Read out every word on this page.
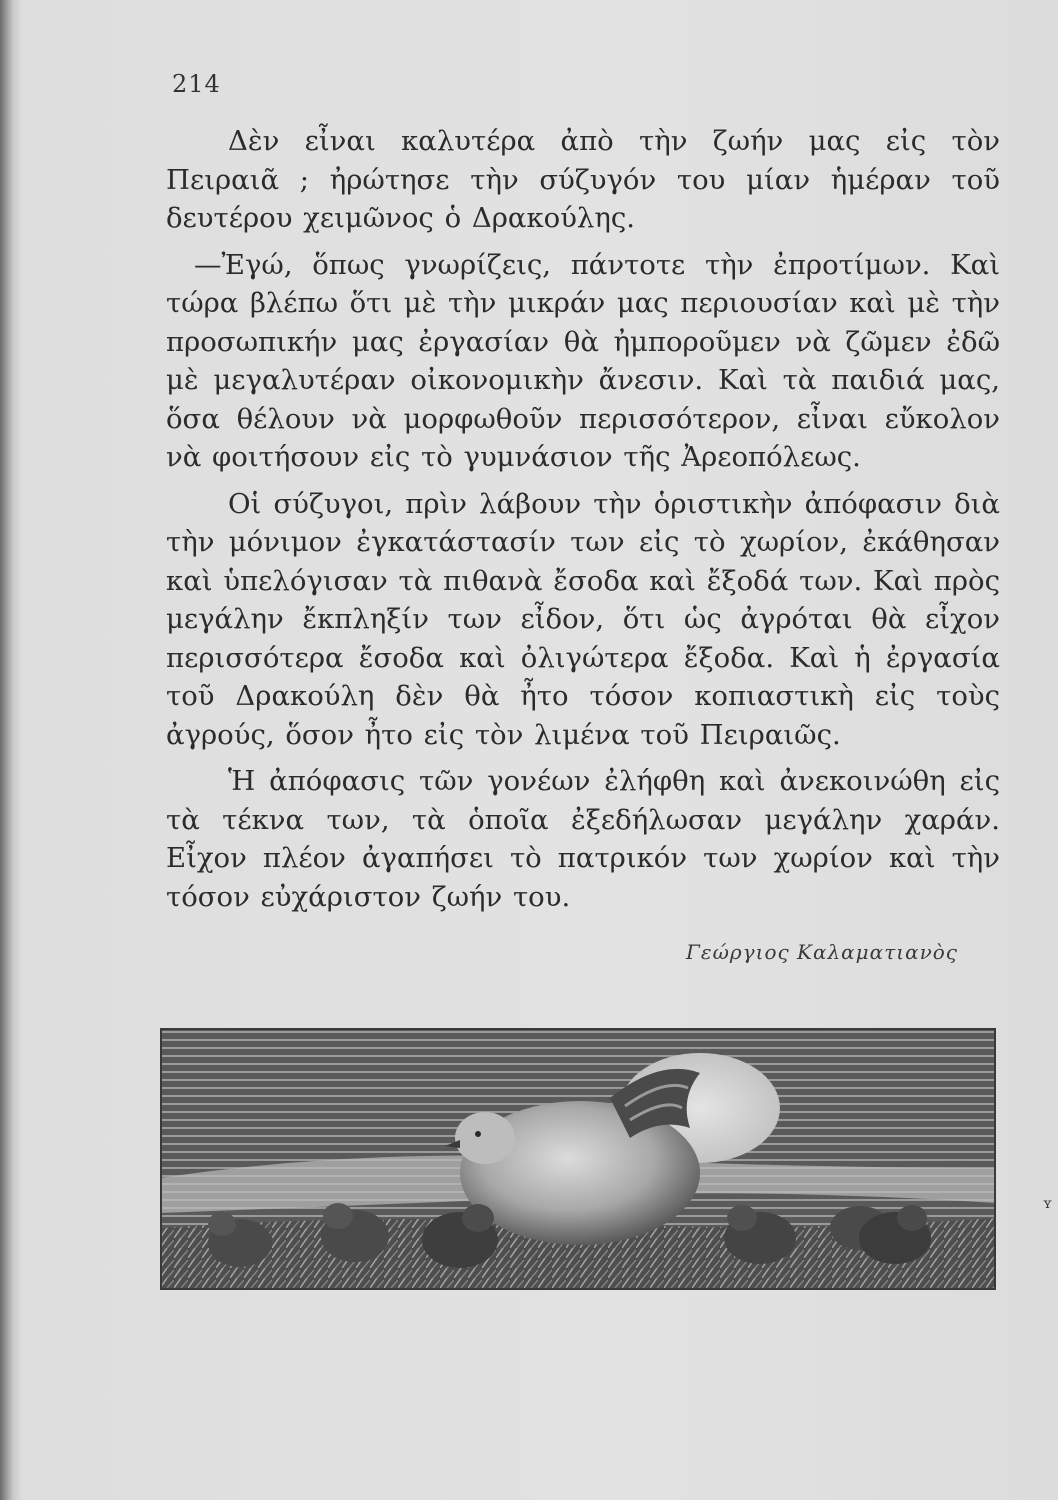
214

Δὲν εἶναι καλυτέρα ἀπὸ τὴν ζωήν μας εἰς τὸν Πειραιᾶ ; ἠρώτησε τὴν σύζυγόν του μίαν ἡμέραν τοῦ δευτέρου χειμῶνος ὁ Δρακούλης.

—Ἐγώ, ὅπως γνωρίζεις, πάντοτε τὴν ἐπροτίμων. Καὶ τώρα βλέπω ὅτι μὲ τὴν μικράν μας περιουσίαν καὶ μὲ τὴν προσωπικήν μας ἐργασίαν θὰ ἠμποροῦμεν νὰ ζῶμεν ἐδῶ μὲ μεγαλυτέραν οἰκονομικὴν ἄνεσιν. Καὶ τὰ παιδιά μας, ὅσα θέλουν νὰ μορφωθοῦν περισσότερον, εἶναι εὔκολον νὰ φοιτήσουν εἰς τὸ γυμνάσιον τῆς Ἀρεοπόλεως.

Οἱ σύζυγοι, πρὶν λάβουν τὴν ὁριστικὴν ἀπόφασιν διὰ τὴν μόνιμον ἐγκατάστασίν των εἰς τὸ χωρίον, ἐκάθησαν καὶ ὑπελόγισαν τὰ πιθανὰ ἔσοδα καὶ ἔξοδά των. Καὶ πρὸς μεγάλην ἔκπληξίν των εἶδον, ὅτι ὡς ἀγρόται θὰ εἶχον περισσότερα ἔσοδα καὶ ὀλιγώτερα ἔξοδα. Καὶ ἡ ἐργασία τοῦ Δρακούλη δὲν θὰ ἦτο τόσον κοπιαστικὴ εἰς τοὺς ἀγρούς, ὅσον ἦτο εἰς τὸν λιμένα τοῦ Πειραιῶς.

Ἡ ἀπόφασις τῶν γονέων ἐλήφθη καὶ ἀνεκοινώθη εἰς τὰ τέκνα των, τὰ ὁποῖα ἐξεδήλωσαν μεγάλην χαράν. Εἶχον πλέον ἀγαπήσει τὸ πατρικόν των χωρίον καὶ τὴν τόσον εὐχάριστον ζωήν του.

Γεώργιος Καλαματιανὸς
ʏ
